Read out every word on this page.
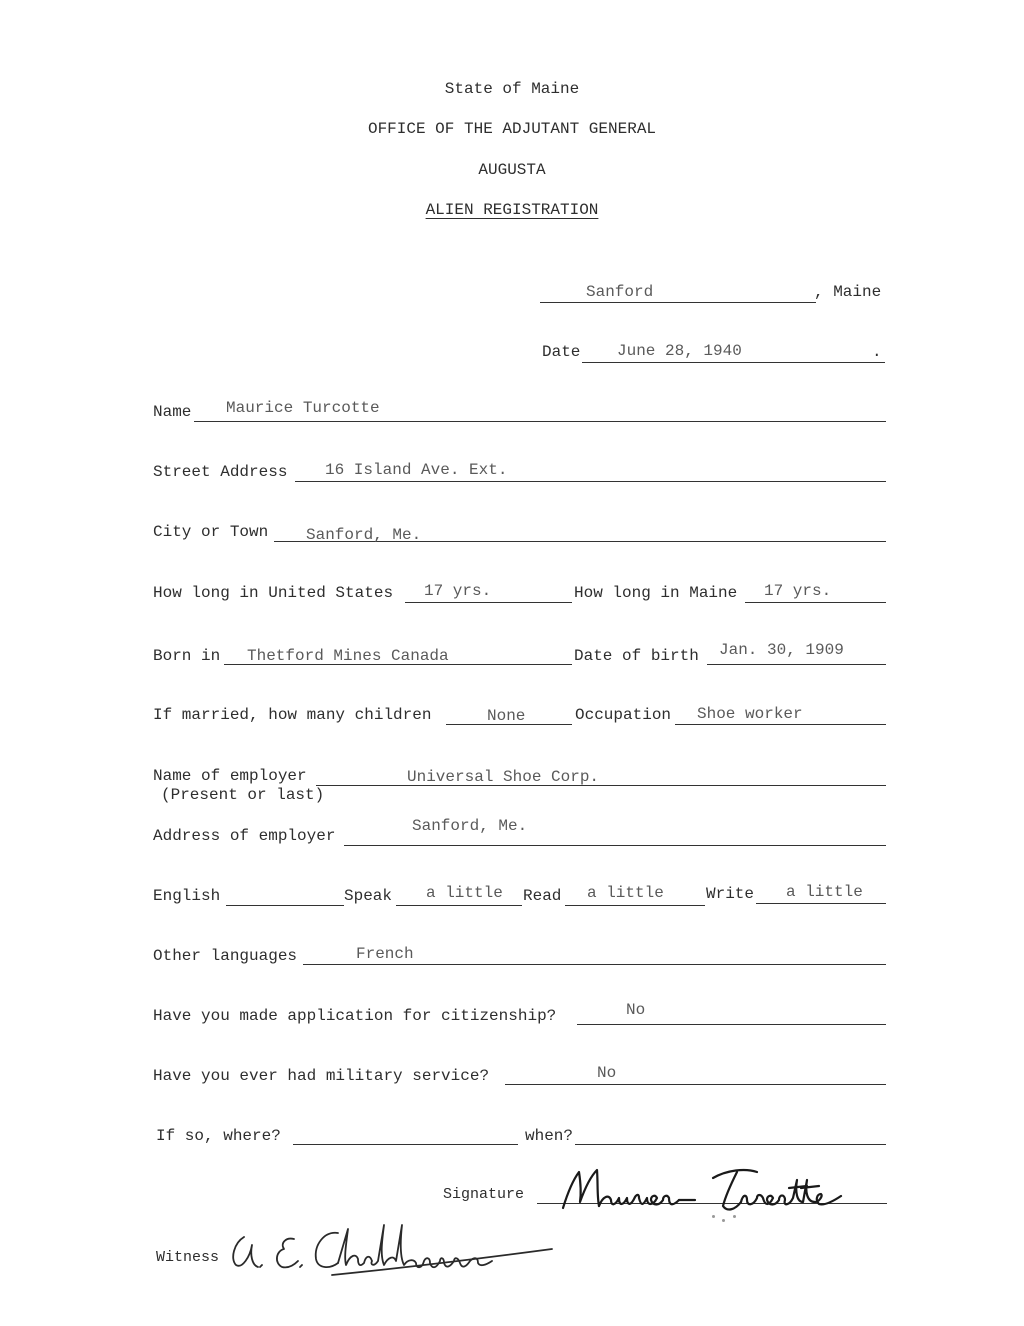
State of Maine
OFFICE OF THE ADJUTANT GENERAL
AUGUSTA
ALIEN REGISTRATION
Sanford	, Maine
Date June 28, 1940	.
Name Maurice Turcotte
Street Address 16 Island Ave. Ext.
City or Town Sanford, Me.
How long in United States 17 yrs.	How long in Maine 17 yrs.
Born in Thetford Mines Canada	Date of birth Jan. 30, 1909
If married, how many children	None	Occupation Shoe worker
Name of employer
(Present or last)
Universal Shoe Corp.
Address of employer
Sanford, Me.
English	Speak a little Read a little	Write a little
Other languages	French
Have you made application for citizenship?	No
Have you ever had military service?	No
If so, where?	when?
Signature
Witness
